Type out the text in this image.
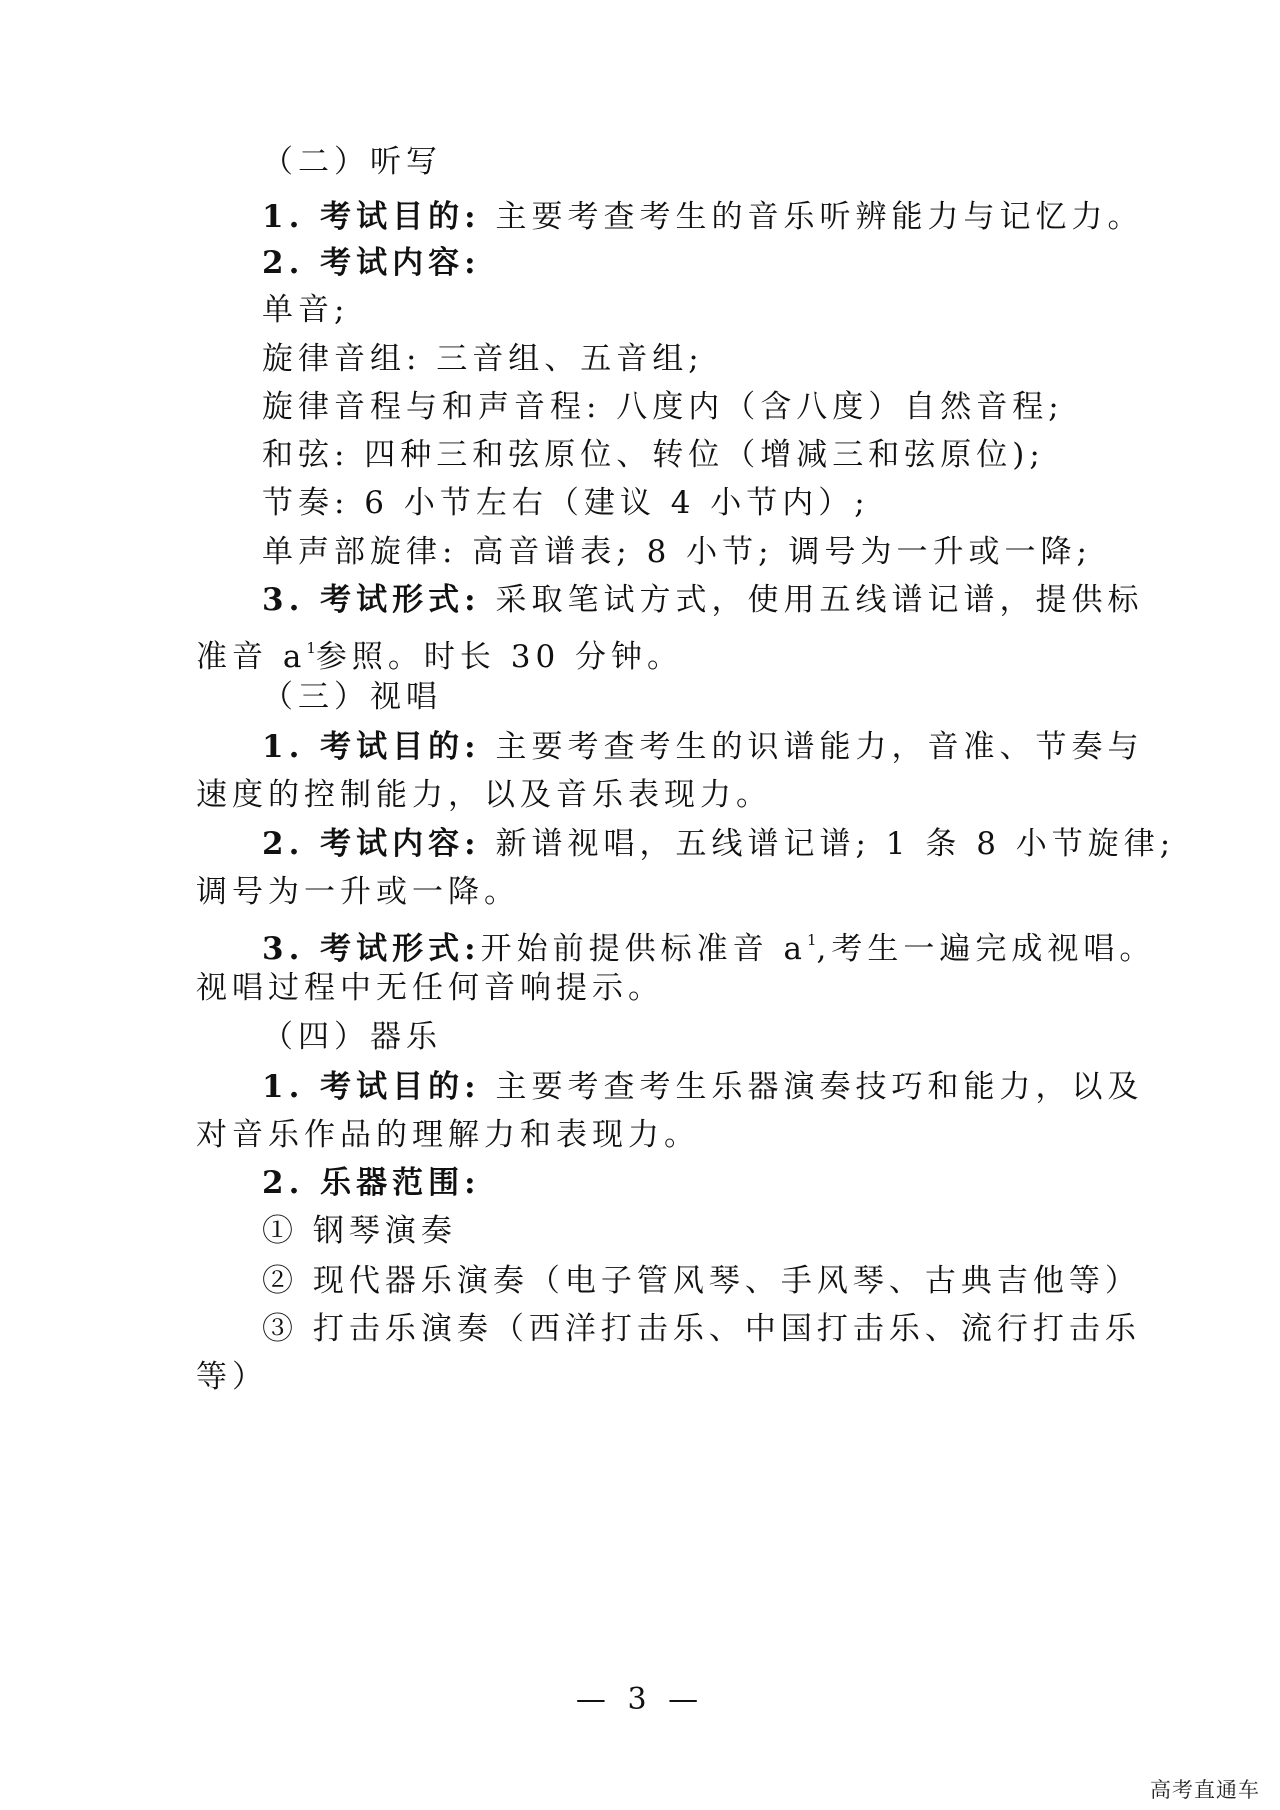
（二）听写
1. 考试目的: 主要考查考生的音乐听辨能力与记忆力。
2. 考试内容:
单音;
旋律音组: 三音组、五音组;
旋律音程与和声音程: 八度内（含八度）自然音程;
和弦: 四种三和弦原位、转位（增减三和弦原位);
节奏: 6 小节左右（建议 4 小节内）;
单声部旋律: 高音谱表; 8 小节; 调号为一升或一降;
3. 考试形式: 采取笔试方式，使用五线谱记谱，提供标
准音 $a^1$参照。时长 30 分钟。
（三）视唱
1. 考试目的: 主要考查考生的识谱能力，音准、节奏与
速度的控制能力，以及音乐表现力。
2. 考试内容: 新谱视唱，五线谱记谱; 1 条 8 小节旋律;
调号为一升或一降。
3. 考试形式:开始前提供标准音 $a^1$,考生一遍完成视唱。
视唱过程中无任何音响提示。
（四）器乐
1. 考试目的: 主要考查考生乐器演奏技巧和能力，以及
对音乐作品的理解力和表现力。
2. 乐器范围:
① 钢琴演奏
② 现代器乐演奏（电子管风琴、手风琴、古典吉他等）
③ 打击乐演奏（西洋打击乐、中国打击乐、流行打击乐
等）
— 3 —
高考直通车
